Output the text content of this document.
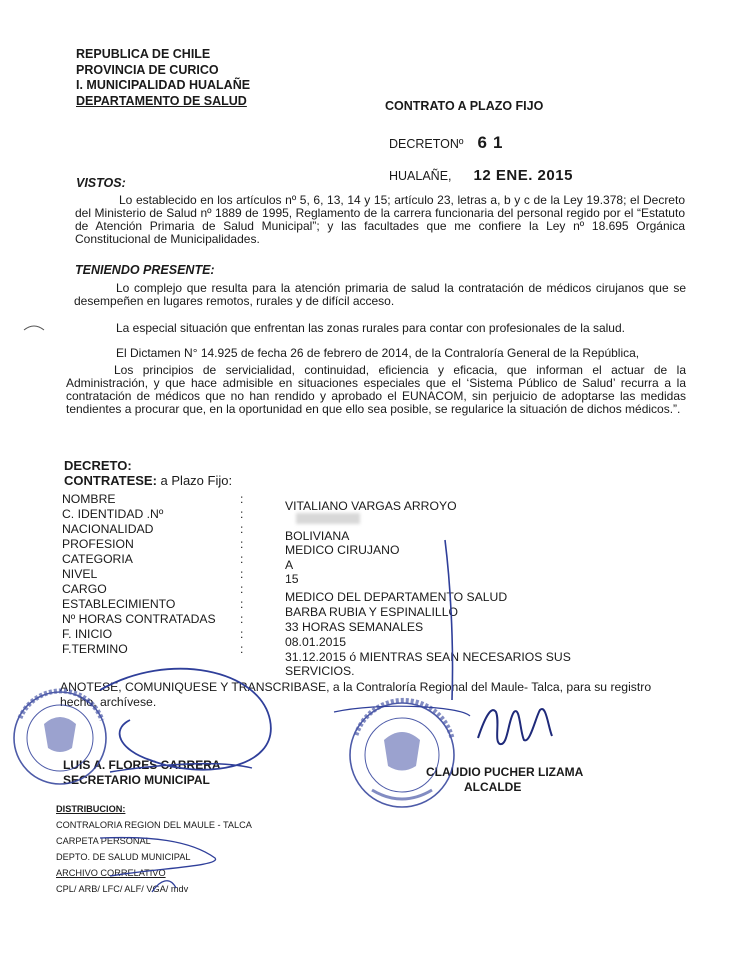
REPUBLICA DE CHILE
PROVINCIA DE CURICO
I. MUNICIPALIDAD HUALAÑE
DEPARTAMENTO DE SALUD	CONTRATO A PLAZO FIJO
DECRETONº 61
HUALAÑE, 12 ENE. 2015
VISTOS:
Lo establecido en los artículos nº 5, 6, 13, 14 y 15; artículo 23, letras a, b y c de la Ley 19.378; el Decreto del Ministerio de Salud nº 1889 de 1995, Reglamento de la carrera funcionaria del personal regido por el “Estatuto de Atención Primaria de Salud Municipal”; y las facultades que me confiere la Ley nº 18.695 Orgánica Constitucional de Municipalidades.
TENIENDO PRESENTE:
Lo complejo que resulta para la atención primaria de salud la contratación de médicos cirujanos que se desempeñen en lugares remotos, rurales y de difícil acceso.
La especial situación que enfrentan las zonas rurales para contar con profesionales de la salud.
El Dictamen N° 14.925 de fecha 26 de febrero de 2014, de la Contraloría General de la República,
Los principios de servicialidad, continuidad, eficiencia y eficacia, que informan el actuar de la Administración, y que hace admisible en situaciones especiales que el ‘Sistema Público de Salud’ recurra a la contratación de médicos que no han rendido y aprobado el EUNACOM, sin perjuicio de adoptarse las medidas tendientes a procurar que, en la oportunidad en que ello sea posible, se regularice la situación de dichos médicos.”.
DECRETO:
CONTRATESE: a Plazo Fijo:
NOMBRE	:	VITALIANO VARGAS ARROYO
C. IDENTIDAD .Nº	:
NACIONALIDAD	:	BOLIVIANA
PROFESION	:	MEDICO CIRUJANO
CATEGORIA	:	A
NIVEL	:	15
CARGO	:
MEDICO DEL DEPARTAMENTO SALUD
ESTABLECIMIENTO	:
BARBA RUBIA Y ESPINALILLO
Nº HORAS CONTRATADAS :
33 HORAS SEMANALES
F. INICIO	:
08.01.2015
F.TERMINO	:
31.12.2015 ó MIENTRAS SEAN NECESARIOS SUS
SERVICIOS.
ANOTESE, COMUNIQUESE Y TRANSCRIBASE, a la Contraloría Regional del Maule- Talca, para su registro hecho, archívese.
LUIS A. FLORES CABRERA
SECRETARIO MUNICIPAL
CLAUDIO PUCHER LIZAMA
ALCALDE
DISTRIBUCION:
CONTRALORIA REGION DEL MAULE - TALCA
CARPETA PERSONAL
DEPTO. DE SALUD MUNICIPAL
ARCHIVO CORRELATIVO
CPL/ ARB/ LFC/ ALF/ VGA/ mdv
